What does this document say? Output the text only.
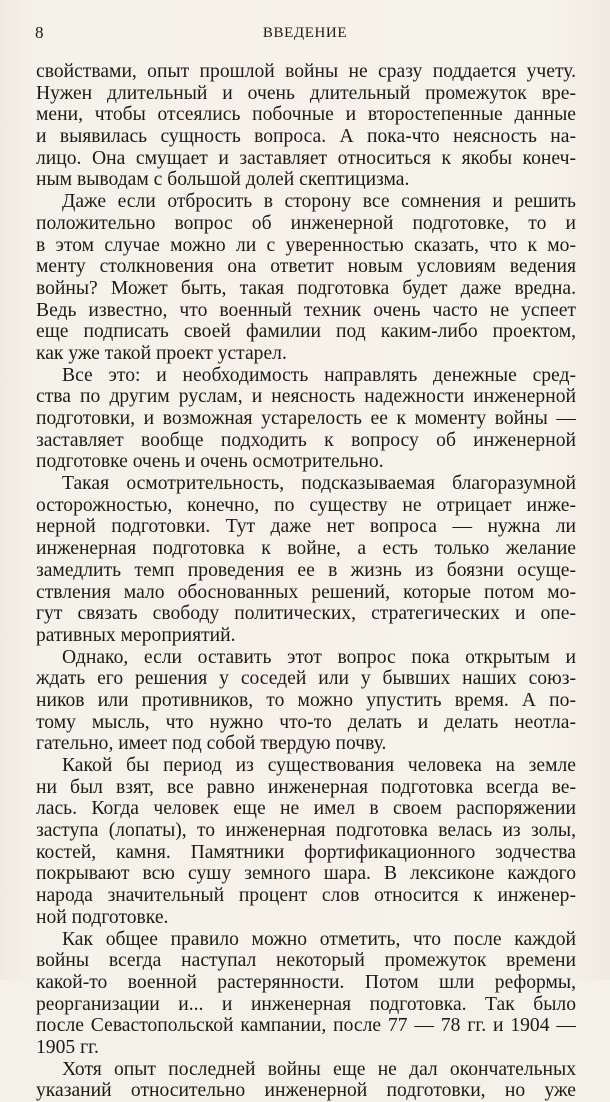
8	ВВЕДЕНИЕ
свойствами, опыт прошлой войны не сразу поддается учету.
Нужен длительный и очень длительный промежуток вре-
мени, чтобы отсеялись побочные и второстепенные данные
и выявилась сущность вопроса. А пока-что неясность на-
лицо. Она смущает и заставляет относиться к якобы конеч-
ным выводам с большой долей скептицизма.
Даже если отбросить в сторону все сомнения и решить
положительно вопрос об инженерной подготовке, то и
в этом случае можно ли с уверенностью сказать, что к мо-
менту столкновения она ответит новым условиям ведения
войны? Может быть, такая подготовка будет даже вредна.
Ведь известно, что военный техник очень часто не успеет
еще подписать своей фамилии под каким-либо проектом,
как уже такой проект устарел.
Все это: и необходимость направлять денежные сред-
ства по другим руслам, и неясность надежности инженерной
подготовки, и возможная устарелость ее к моменту войны —
заставляет вообще подходить к вопросу об инженерной
подготовке очень и очень осмотрительно.
Такая осмотрительность, подсказываемая благоразумной
осторожностью, конечно, по существу не отрицает инже-
нерной подготовки. Тут даже нет вопроса — нужна ли
инженерная подготовка к войне, а есть только желание
замедлить темп проведения ее в жизнь из боязни осуще-
ствления мало обоснованных решений, которые потом мо-
гут связать свободу политических, стратегических и опе-
ративных мероприятий.
Однако, если оставить этот вопрос пока открытым и
ждать его решения у соседей или у бывших наших союз-
ников или противников, то можно упустить время. А по-
тому мысль, что нужно что-то делать и делать неотла-
гательно, имеет под собой твердую почву.
Какой бы период из существования человека на земле
ни был взят, все равно инженерная подготовка всегда ве-
лась. Когда человек еще не имел в своем распоряжении
заступа (лопаты), то инженерная подготовка велась из золы,
костей, камня. Памятники фортификационного зодчества
покрывают всю сушу земного шара. В лексиконе каждого
народа значительный процент слов относится к инженер-
ной подготовке.
Как общее правило можно отметить, что после каждой
войны всегда наступал некоторый промежуток времени
какой-то военной растерянности. Потом шли реформы,
реорганизации и... и инженерная подготовка. Так было
после Севастопольской кампании, после 77 — 78 гг. и 1904 —
1905 гг.
Хотя опыт последней войны еще не дал окончательных
указаний относительно инженерной подготовки, но уже
